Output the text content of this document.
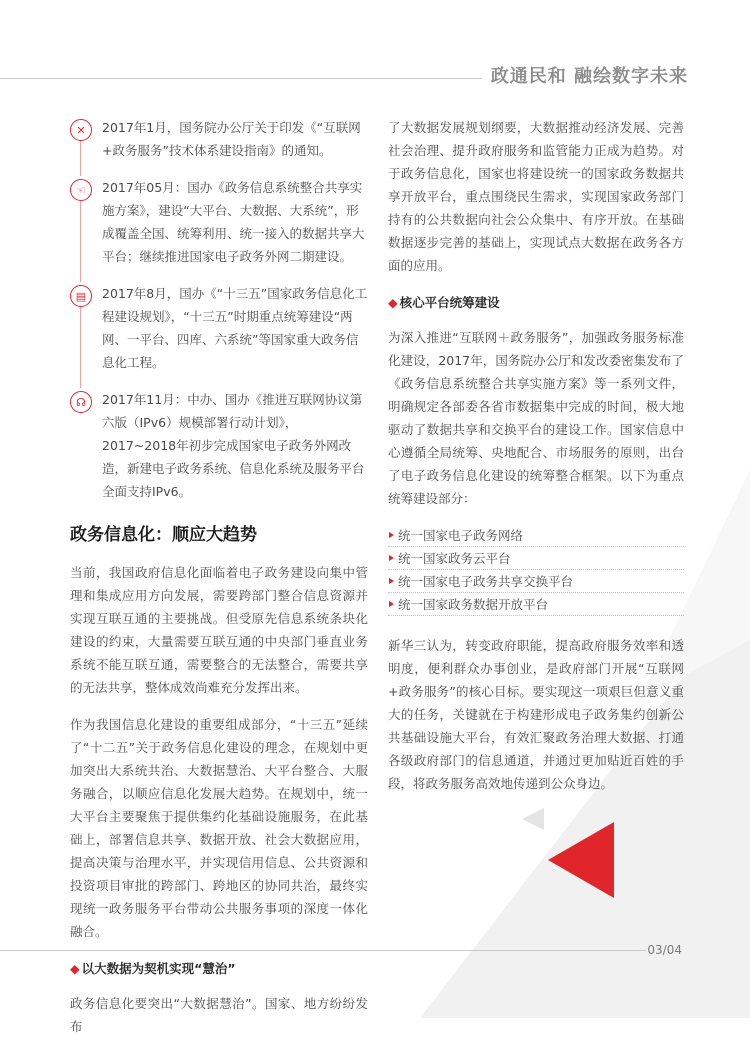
政通民和 融绘数字未来
✕	2017年1月，国务院办公厅关于印发《“互联网+政务服务”技术体系建设指南》的通知。

☜	2017年05月：国办《政务信息系统整合共享实施方案》，建设“大平台、大数据、大系统”，形成覆盖全国、统筹利用、统一接入的数据共享大平台；继续推进国家电子政务外网二期建设。

▤	2017年8月，国办《“十三五”国家政务信息化工程建设规划》，“十三五”时期重点统筹建设“两网、一平台、四库、六系统”等国家重大政务信息化工程。

☊	2017年11月：中办、国办《推进互联网协议第六版（IPv6）规模部署行动计划》，2017~2018年初步完成国家电子政务外网改造，新建电子政务系统、信息化系统及服务平台全面支持IPv6。

政务信息化：顺应大趋势

当前，我国政府信息化面临着电子政务建设向集中管理和集成应用方向发展，需要跨部门整合信息资源并实现互联互通的主要挑战。但受原先信息系统条块化建设的约束，大量需要互联互通的中央部门垂直业务系统不能互联互通，需要整合的无法整合，需要共享的无法共享，整体成效尚难充分发挥出来。

作为我国信息化建设的重要组成部分，“十三五”延续了“十二五”关于政务信息化建设的理念，在规划中更加突出大系统共治、大数据慧治、大平台整合、大服务融合，以顺应信息化发展大趋势。在规划中，统一大平台主要聚焦于提供集约化基础设施服务，在此基础上，部署信息共享、数据开放、社会大数据应用，提高决策与治理水平，并实现信用信息、公共资源和投资项目审批的跨部门、跨地区的协同共治，最终实现统一政务服务平台带动公共服务事项的深度一体化融合。

◆ 以大数据为契机实现“慧治”

政务信息化要突出“大数据慧治”。国家、地方纷纷发布

了大数据发展规划纲要，大数据推动经济发展、完善社会治理、提升政府服务和监管能力正成为趋势。对于政务信息化，国家也将建设统一的国家政务数据共享开放平台，重点围绕民生需求，实现国家政务部门持有的公共数据向社会公众集中、有序开放。在基础数据逐步完善的基础上，实现试点大数据在政务各方面的应用。

◆ 核心平台统筹建设

为深入推进“互联网＋政务服务”，加强政务服务标准化建设，2017年，国务院办公厅和发改委密集发布了《政务信息系统整合共享实施方案》等一系列文件，明确规定各部委各省市数据集中完成的时间，极大地驱动了数据共享和交换平台的建设工作。国家信息中心遵循全局统筹、央地配合、市场服务的原则，出台了电子政务信息化建设的统筹整合框架。以下为重点统筹建设部分：

统一国家电子政务网络
统一国家政务云平台
统一国家电子政务共享交换平台
统一国家政务数据开放平台

新华三认为，转变政府职能，提高政府服务效率和透明度，便利群众办事创业，是政府部门开展“互联网+政务服务”的核心目标。要实现这一项艰巨但意义重大的任务，关键就在于构建形成电子政务集约创新公共基础设施大平台，有效汇聚政务治理大数据、打通各级政府部门的信息通道，并通过更加贴近百姓的手段，将政务服务高效地传递到公众身边。

03/04
